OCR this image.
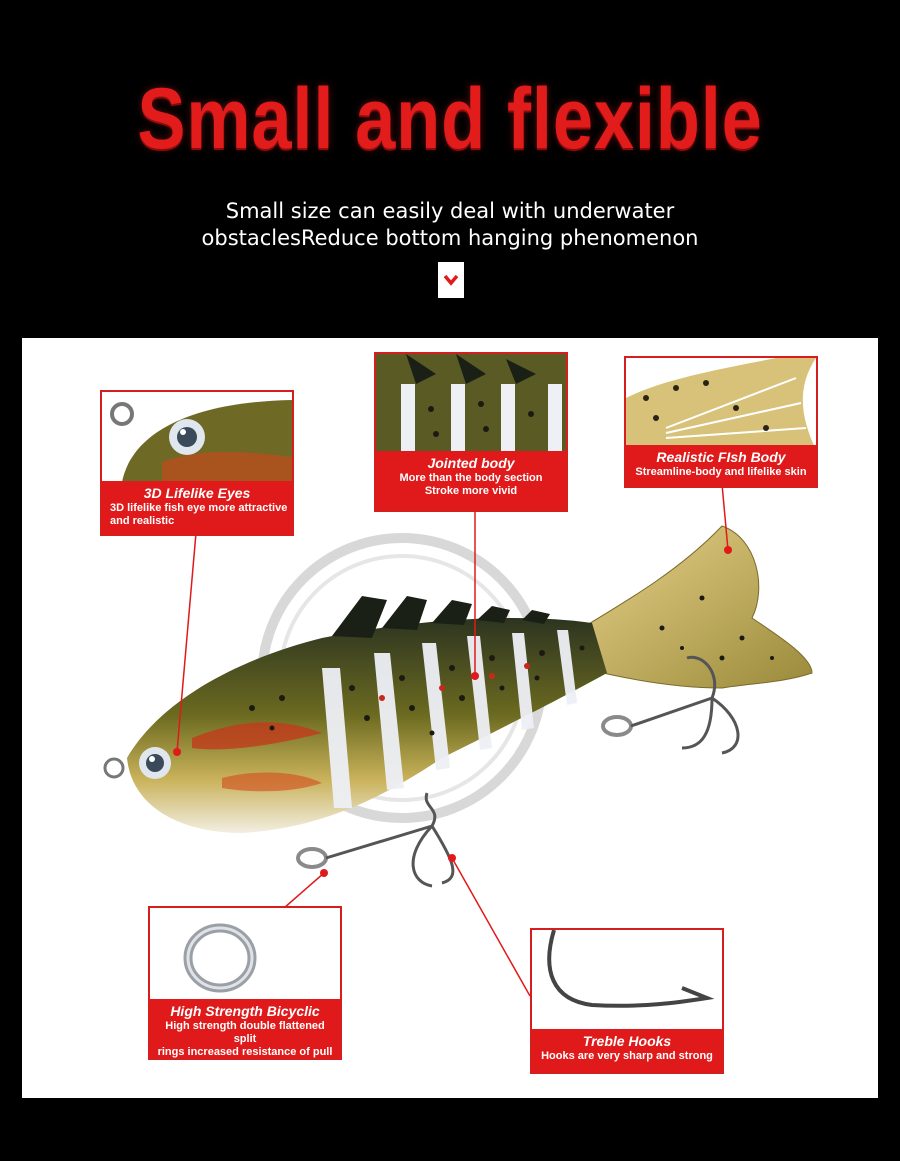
Small and flexible
Small size can easily deal with underwater
obstaclesReduce bottom hanging phenomenon
3D Lifelike Eyes
3D lifelike fish eye more attractive
and realistic
Jointed body
More than the body section
Stroke more vivid
Realistic FIsh Body
Streamline-body and lifelike skin
High Strength Bicyclic
High strength double flattened split
rings increased resistance of pull
Treble Hooks
Hooks are very sharp and strong
